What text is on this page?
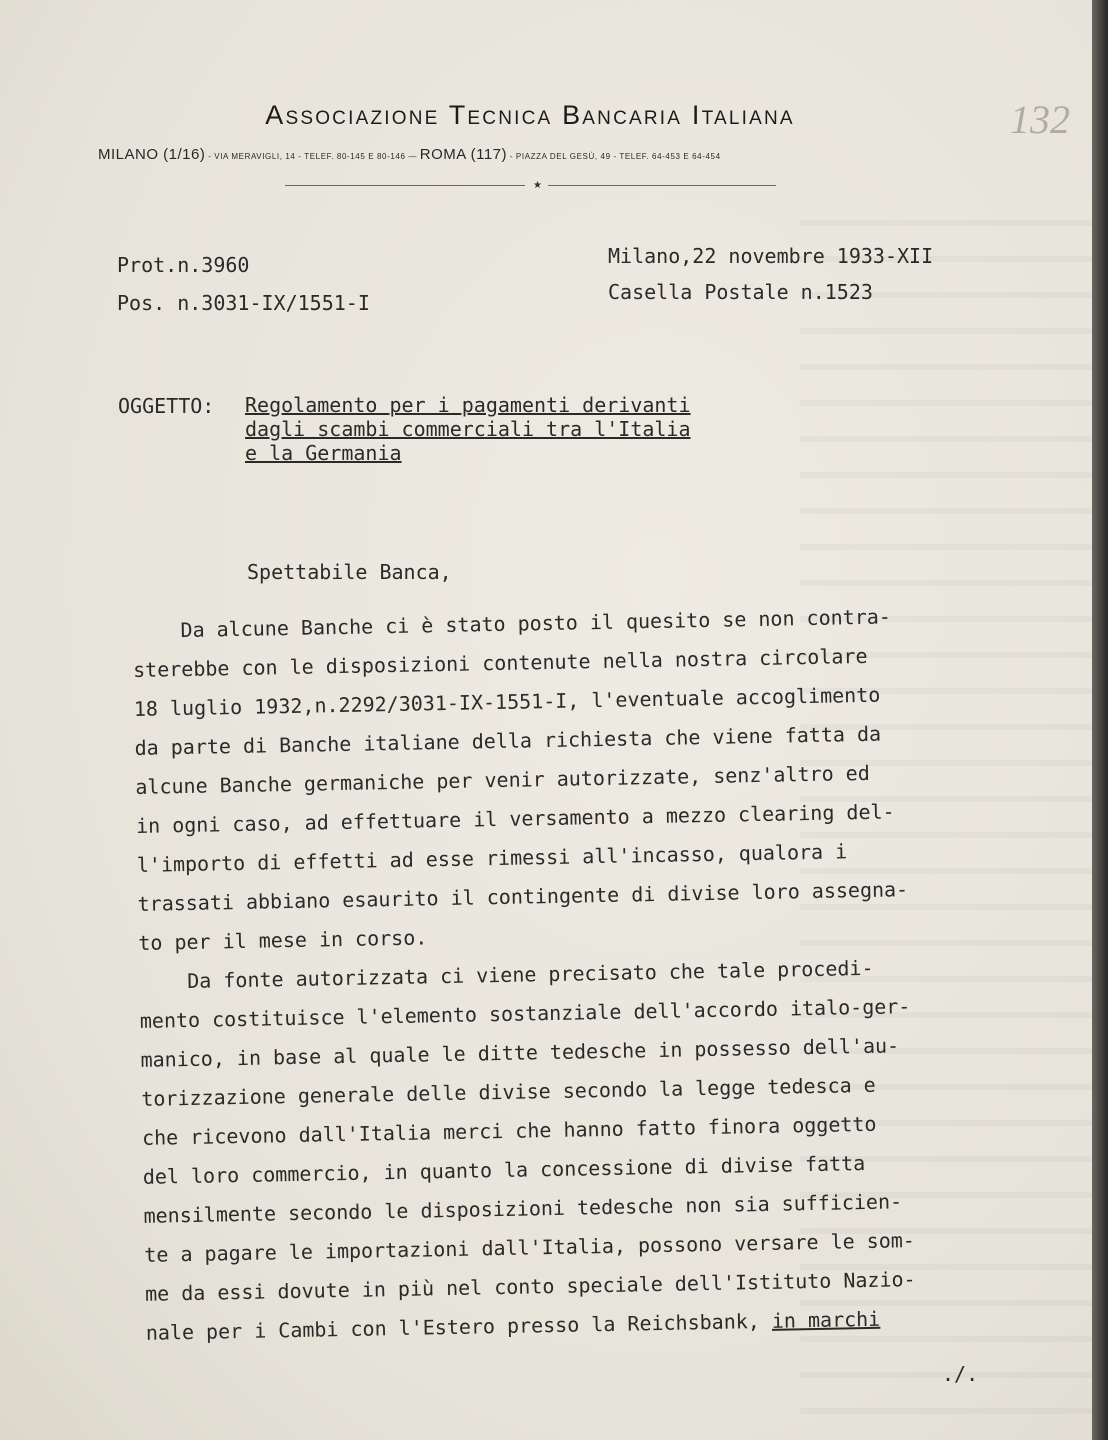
Associazione Tecnica Bancaria Italiana
MILANO (1/16) - VIA MERAVIGLI, 14 - TELEF. 80-145 E 80-146 — ROMA (117) - PIAZZA DEL GESÙ, 49 - TELEF. 64-453 E 64-454
★
132
Prot.n.3960
Pos. n.3031-IX/1551-I
Milano,22 novembre 1933-XII
Casella Postale n.1523
OGGETTO: Regolamento per i pagamenti derivanti
dagli scambi commerciali tra l'Italia
e la Germania
Spettabile Banca,

Da alcune Banche ci è stato posto il quesito se non contra-
sterebbe con le disposizioni contenute nella nostra circolare
18 luglio 1932,n.2292/3031-IX-1551-I, l'eventuale accoglimento
da parte di Banche italiane della richiesta che viene fatta da
alcune Banche germaniche per venir autorizzate, senz'altro ed
in ogni caso, ad effettuare il versamento a mezzo clearing del-
l'importo di effetti ad esse rimessi all'incasso, qualora i
trassati abbiano esaurito il contingente di divise loro assegna-
to per il mese in corso.

Da fonte autorizzata ci viene precisato che tale procedi-
mento costituisce l'elemento sostanziale dell'accordo italo-ger-
manico, in base al quale le ditte tedesche in possesso dell'au-
torizzazione generale delle divise secondo la legge tedesca e
che ricevono dall'Italia merci che hanno fatto finora oggetto
del loro commercio, in quanto la concessione di divise fatta
mensilmente secondo le disposizioni tedesche non sia sufficien-
te a pagare le importazioni dall'Italia, possono versare le som-
me da essi dovute in più nel conto speciale dell'Istituto Nazio-
nale per i Cambi con l'Estero presso la Reichsbank, in marchi

./.
